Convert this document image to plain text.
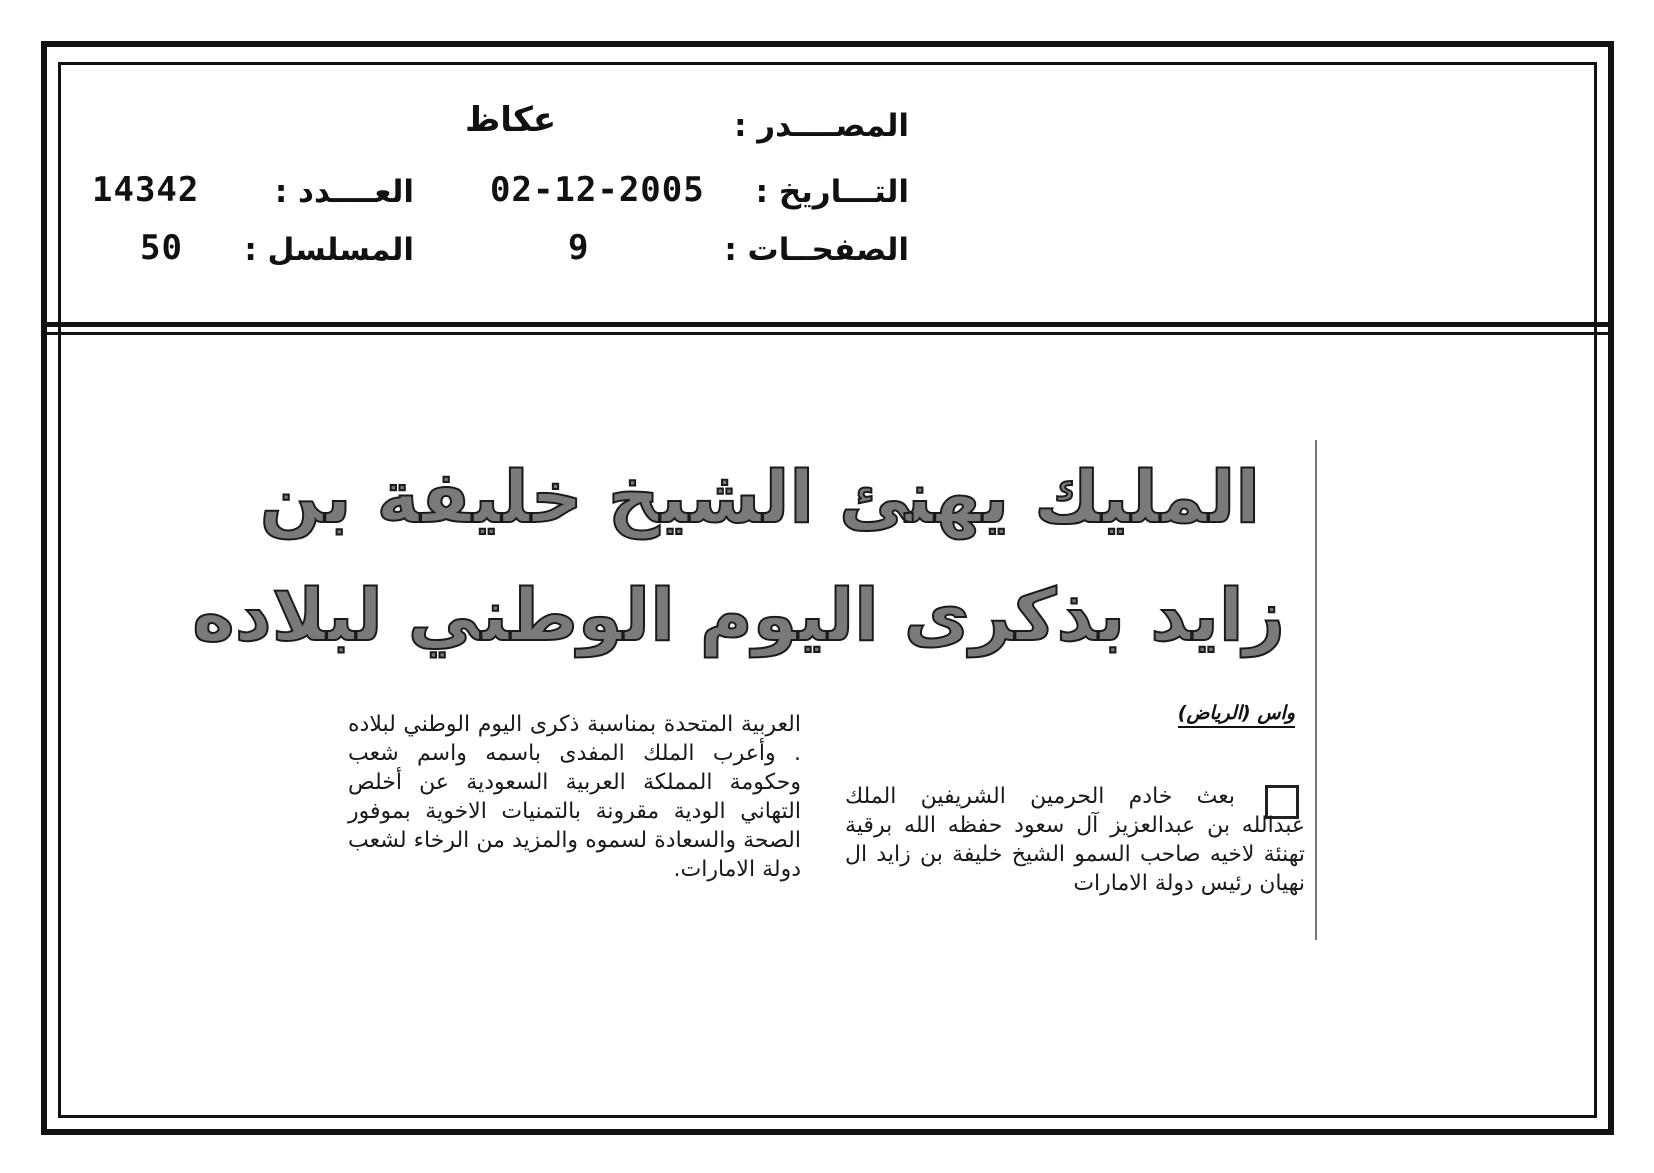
المصــــدر :
عكاظ
التـــاريخ :
02-12-2005
العــــدد :
14342
الصفحــات :
9
المسلسل :
50
المليك يهنئ الشيخ خليفة بن
زايد بذكرى اليوم الوطني لبلاده
واس (الرياض)
بعث خادم الحرمين الشريفين الملك عبدالله بن عبدالعزيز آل سعود حفظه الله برقية تهنئة لاخيه صاحب السمو الشيخ خليفة بن زايد ال نهيان رئيس دولة الامارات
العربية المتحدة بمناسبة ذكرى اليوم الوطني لبلاده . وأعرب الملك المفدى باسمه واسم شعب وحكومة المملكة العربية السعودية عن أخلص التهاني الودية مقرونة بالتمنيات الاخوية بموفور الصحة والسعادة لسموه والمزيد من الرخاء لشعب دولة الامارات.
